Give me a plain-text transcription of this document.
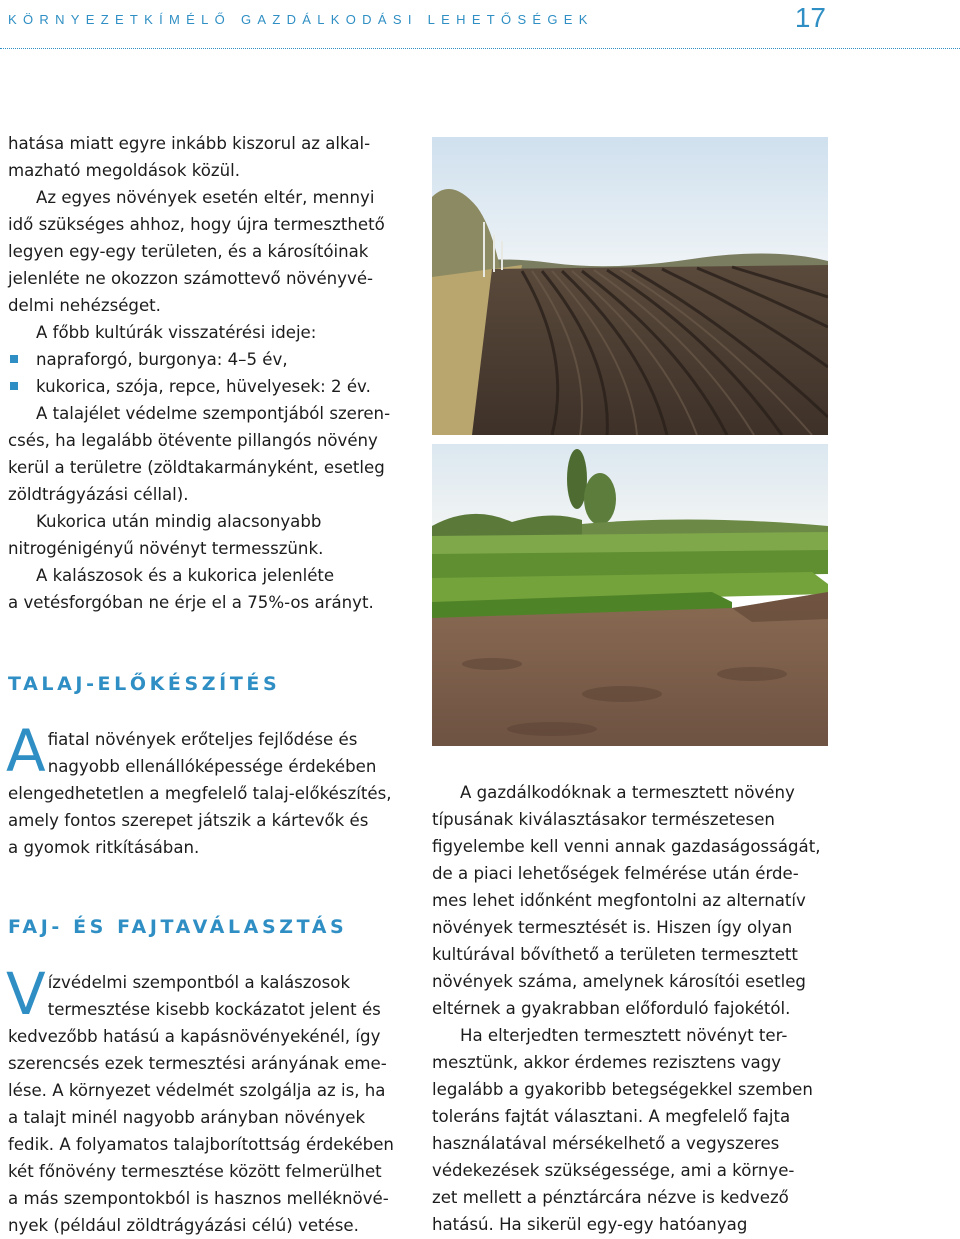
KÖRNYEZETKÍMÉLŐ GAZDÁLKODÁSI LEHETŐSÉGEK	17

hatása miatt egyre inkább kiszorul az alkal-

mazható megoldások közül.

Az egyes növények esetén eltér, mennyi

idő szükséges ahhoz, hogy újra termeszthető

legyen egy-egy területen, és a károsítóinak

jelenléte ne okozzon számottevő növényvé-

delmi nehézséget.

A főbb kultúrák visszatérési ideje:

napraforgó, burgonya: 4–5 év,
kukorica, szója, repce, hüvelyesek: 2 év.

A talajélet védelme szempontjából szeren-

csés, ha legalább ötévente pillangós növény

kerül a területre (zöldtakarmányként, esetleg

zöldtrágyázási céllal).

Kukorica után mindig alacsonyabb

nitrogénigényű növényt termesszünk.

A kalászosok és a kukorica jelenléte

a vetésforgóban ne érje el a 75%-os arányt.

TALAJ-ELŐKÉSZÍTÉS
A fiatal növények erőteljes fejlődése és

nagyobb ellenállóképessége érdekében

elengedhetetlen a megfelelő talaj-előkészítés,

amely fontos szerepet játszik a kártevők és

a gyomok ritkításában.

FAJ- ÉS FAJTAVÁLASZTÁS
V ízvédelmi szempontból a kalászosok

termesztése kisebb kockázatot jelent és

kedvezőbb hatású a kapásnövényekénél, így

szerencsés ezek termesztési arányának eme-

lése. A környezet védelmét szolgálja az is, ha

a talajt minél nagyobb arányban növények

fedik. A folyamatos talajborítottság érdekében

két főnövény termesztése között felmerülhet

a más szempontokból is hasznos melléknövé-

nyek (például zöldtrágyázási célú) vetése.

A gazdálkodóknak a termesztett növény

típusának kiválasztásakor természetesen

figyelembe kell venni annak gazdaságosságát,

de a piaci lehetőségek felmérése után érde-

mes lehet időnként megfontolni az alternatív

növények termesztését is. Hiszen így olyan

kultúrával bővíthető a területen termesztett

növények száma, amelynek károsítói esetleg

eltérnek a gyakrabban előforduló fajokétól.

Ha elterjedten termesztett növényt ter-

mesztünk, akkor érdemes rezisztens vagy

legalább a gyakoribb betegségekkel szemben

toleráns fajtát választani. A megfelelő fajta

használatával mérsékelhető a vegyszeres

védekezések szükségessége, ami a környe-

zet mellett a pénztárcára nézve is kedvező

hatású. Ha sikerül egy-egy hatóanyag
